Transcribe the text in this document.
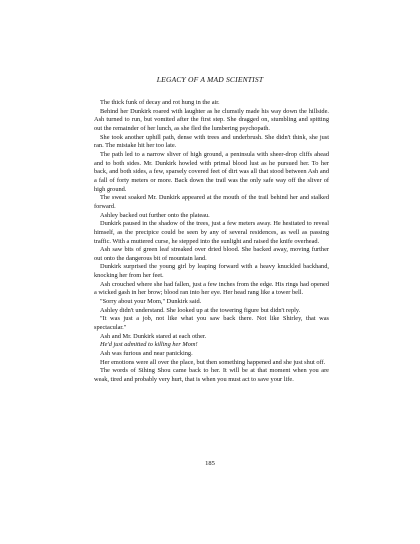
LEGACY OF A MAD SCIENTIST

The thick funk of decay and rot hung in the air.

Behind her Dunkirk roared with laughter as he clumsily made his way down the hillside. Ash turned to run, but vomited after the first step. She dragged on, stumbling and spitting out the remainder of her lunch, as she fled the lumbering psychopath.

She took another uphill path, dense with trees and underbrush. She didn't think, she just ran. The mistake hit her too late.

The path led to a narrow sliver of high ground, a peninsula with sheer-drop cliffs ahead and to both sides. Mr. Dunkirk howled with primal blood lust as he pursued her. To her back, and both sides, a few, sparsely covered feet of dirt was all that stood between Ash and a fall of forty meters or more. Back down the trail was the only safe way off the sliver of high ground.

The sweat soaked Mr. Dunkirk appeared at the mouth of the trail behind her and stalked forward.

Ashley backed out further onto the plateau.

Dunkirk paused in the shadow of the trees, just a few meters away. He hesitated to reveal himself, as the precipice could be seen by any of several residences, as well as passing traffic. With a muttered curse, he stepped into the sunlight and raised the knife overhead.

Ash saw bits of green leaf streaked over dried blood. She backed away, moving further out onto the dangerous bit of mountain land.

Dunkirk surprised the young girl by leaping forward with a heavy knuckled backhand, knocking her from her feet.

Ash crouched where she had fallen, just a few inches from the edge. His rings had opened a wicked gash in her brow; blood ran into her eye. Her head rang like a tower bell.

"Sorry about your Mom," Dunkirk said.

Ashley didn't understand. She looked up at the towering figure but didn't reply.

"It was just a job, not like what you saw back there. Not like Shirley, that was spectacular."

Ash and Mr. Dunkirk stared at each other.

He'd just admitted to killing her Mom!

Ash was furious and near panicking.

Her emotions were all over the place, but then something happened and she just shut off.

The words of Sihing Shou came back to her. It will be at that moment when you are weak, tired and probably very hurt, that is when you must act to save your life.

185
